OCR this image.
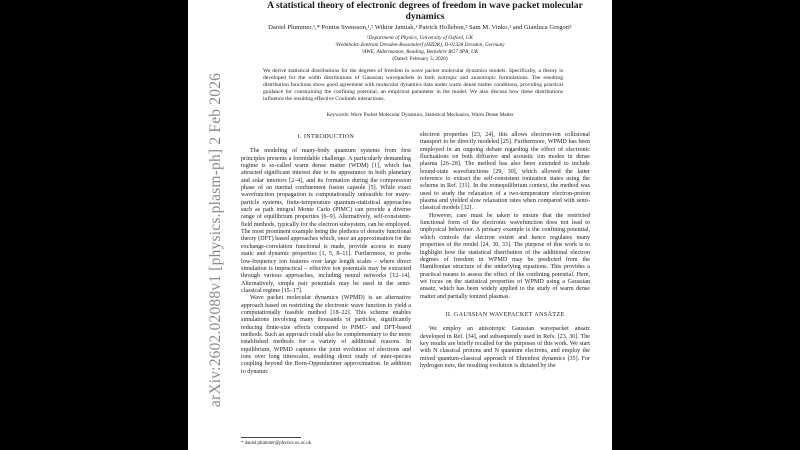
arXiv:2602.02088v1 [physics.plasm-ph] 2 Feb 2026
A statistical theory of electronic degrees of freedom in wave packet molecular dynamics
Daniel Plummer,¹,* Pontus Svensson,¹,² Wiktor Jamiak,¹ Patrick Hollebon,³ Sam M. Vinko,¹ and Gianluca Gregori¹
¹Department of Physics, University of Oxford, UK
²Helmholtz-Zentrum Dresden-Rossendorf (HZDR), D-01328 Dresden, Germany
³AWE, Aldermaston, Reading, Berkshire RG7 4PR, UK
(Dated: February 3, 2026)
We derive statistical distributions for the degrees of freedom in wave packet molecular dynamics models. Specifically, a theory is developed for the width distributions of Gaussian wavepackets in both isotropic and anisotropic formulations. The resulting distribution functions show good agreement with molecular dynamics data under warm dense matter conditions, providing practical guidance for constraining the confining potential, an empirical parameter in the model. We also discuss how these distributions influence the resulting effective Coulomb interactions.
Keywords: Wave Packet Molecular Dynamics, Statistical Mechanics, Warm Dense Matter
I. INTRODUCTION

The modeling of many-body quantum systems from first principles presents a formidable challenge. A particularly demanding regime is so-called warm dense matter (WDM) [1], which has attracted significant interest due to its appearance in both planetary and solar interiors [2–4], and its formation during the compression phase of an inertial confinement fusion capsule [5]. While exact wavefunction propagation is computationally unfeasible for many-particle systems, finite-temperature quantum-statistical approaches such as path integral Monte Carlo (PIMC) can provide a diverse range of equilibrium properties [6–9]. Alternatively, self-consistent-field methods, typically for the electron subsystem, can be employed. The most prominent example being the plethora of density functional theory (DFT) based approaches which, once an approximation for the exchange-correlation functional is made, provide access to many static and dynamic properties [1, 5, 8–11]. Furthermore, to probe low-frequency ion features over large length scales – where direct simulation is impractical – effective ion potentials may be extracted through various approaches, including neural networks [12–14]. Alternatively, simple pair potentials may be used in the semi-classical regime [15–17].

Wave packet molecular dynamics (WPMD) is an alternative approach based on restricting the electronic wave function to yield a computationally feasible method [18–22]. This scheme enables simulations involving many thousands of particles, significantly reducing finite-size effects compared to PIMC- and DFT-based methods. Such an approach could also be complementary to the more established methods for a variety of additional reasons. In equilibrium, WPMD captures the joint evolution of electrons and ions over long timescales, enabling direct study of inter-species coupling beyond the Born-Oppenheimer approximation. In addition to dynamic

electron properties [23, 24], this allows electron-ion collisional transport to be directly modeled [25]. Furthermore, WPMD has been employed in an ongoing debate regarding the effect of electronic fluctuations on both diffusive and acoustic ion modes in dense plasma [26–28]. The method has also been extended to include bound-state wavefunctions [29, 30], which allowed the latter reference to extract the self-consistent ionization states using the scheme in Ref. [31]. In the nonequilibrium context, the method was used to study the relaxation of a two-temperature electron-proton plasma and yielded slow relaxation rates when compared with semi-classical models [32].

However, care must be taken to ensure that the restricted functional form of the electronic wavefunction does not lead to unphysical behaviour. A primary example is the confining potential, which controls the electron extent and hence regulates many properties of the model [24, 30, 33]. The purpose of this work is to highlight how the statistical distribution of the additional electron degrees of freedom in WPMD may be predicted from the Hamiltonian structure of the underlying equations. This provides a practical means to assess the effect of the confining potential. Here, we focus on the statistical properties of WPMD using a Gaussian ansatz, which has been widely applied to the study of warm dense matter and partially ionized plasmas.

II. GAUSSIAN WAVEPACKET ANSÄTZE

We employ an anisotropic Gaussian wavepacket ansatz developed in Ref. [34], and subsequently used in Refs. [23, 30]. The key results are briefly recalled for the purposes of this work. We start with N classical protons and N quantum electrons, and employ the mixed quantum-classical approach of Ehrenfest dynamics [35]. For hydrogen ions, the resulting evolution is dictated by the

* daniel.plummer@physics.ox.ac.uk
